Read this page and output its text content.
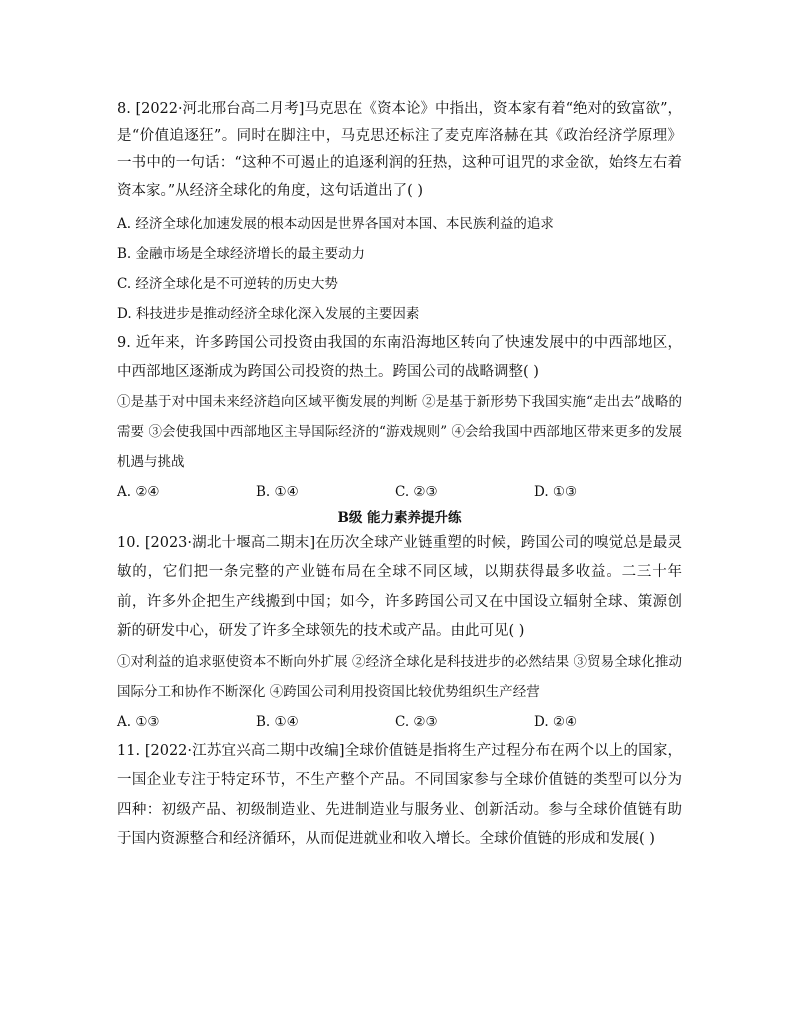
8. [2022·河北邢台高二月考]马克思在《资本论》中指出，资本家有着“绝对的致富欲”，是“价值追逐狂”。同时在脚注中，马克思还标注了麦克库洛赫在其《政治经济学原理》一书中的一句话：“这种不可遏止的追逐利润的狂热，这种可诅咒的求金欲，始终左右着资本家。”从经济全球化的角度，这句话道出了( )

A. 经济全球化加速发展的根本动因是世界各国对本国、本民族利益的追求

B. 金融市场是全球经济增长的最主要动力

C. 经济全球化是不可逆转的历史大势

D. 科技进步是推动经济全球化深入发展的主要因素

9. 近年来，许多跨国公司投资由我国的东南沿海地区转向了快速发展中的中西部地区，中西部地区逐渐成为跨国公司投资的热土。跨国公司的战略调整( )

①是基于对中国未来经济趋向区域平衡发展的判断 ②是基于新形势下我国实施“走出去”战略的需要 ③会使我国中西部地区主导国际经济的“游戏规则” ④会给我国中西部地区带来更多的发展机遇与挑战

A. ②④	B. ①④	C. ②③	D. ①③

B级 能力素养提升练

10. [2023·湖北十堰高二期末]在历次全球产业链重塑的时候，跨国公司的嗅觉总是最灵敏的，它们把一条完整的产业链布局在全球不同区域，以期获得最多收益。二三十年前，许多外企把生产线搬到中国；如今，许多跨国公司又在中国设立辐射全球、策源创新的研发中心，研发了许多全球领先的技术或产品。由此可见( )

①对利益的追求驱使资本不断向外扩展 ②经济全球化是科技进步的必然结果 ③贸易全球化推动国际分工和协作不断深化 ④跨国公司利用投资国比较优势组织生产经营

A. ①③	B. ①④	C. ②③	D. ②④

11. [2022·江苏宜兴高二期中改编]全球价值链是指将生产过程分布在两个以上的国家，一国企业专注于特定环节，不生产整个产品。不同国家参与全球价值链的类型可以分为四种：初级产品、初级制造业、先进制造业与服务业、创新活动。参与全球价值链有助于国内资源整合和经济循环，从而促进就业和收入增长。全球价值链的形成和发展( )
